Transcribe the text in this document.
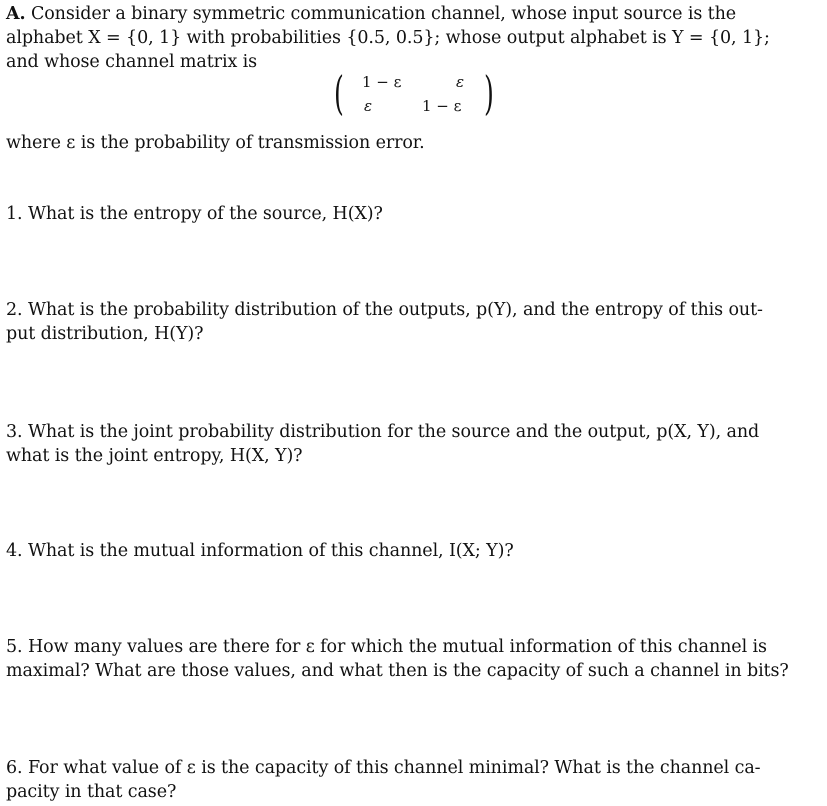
A. Consider a binary symmetric communication channel, whose input source is the
alphabet X = {0, 1} with probabilities {0.5, 0.5}; whose output alphabet is Y = {0, 1};
and whose channel matrix is
( 1 − ε	ε
ε	1 − ε )
where ε is the probability of transmission error.
1. What is the entropy of the source, H(X)?
2. What is the probability distribution of the outputs, p(Y), and the entropy of this out-
put distribution, H(Y)?
3. What is the joint probability distribution for the source and the output, p(X, Y), and
what is the joint entropy, H(X, Y)?
4. What is the mutual information of this channel, I(X; Y)?
5. How many values are there for ε for which the mutual information of this channel is
maximal? What are those values, and what then is the capacity of such a channel in bits?
6. For what value of ε is the capacity of this channel minimal? What is the channel ca-
pacity in that case?
